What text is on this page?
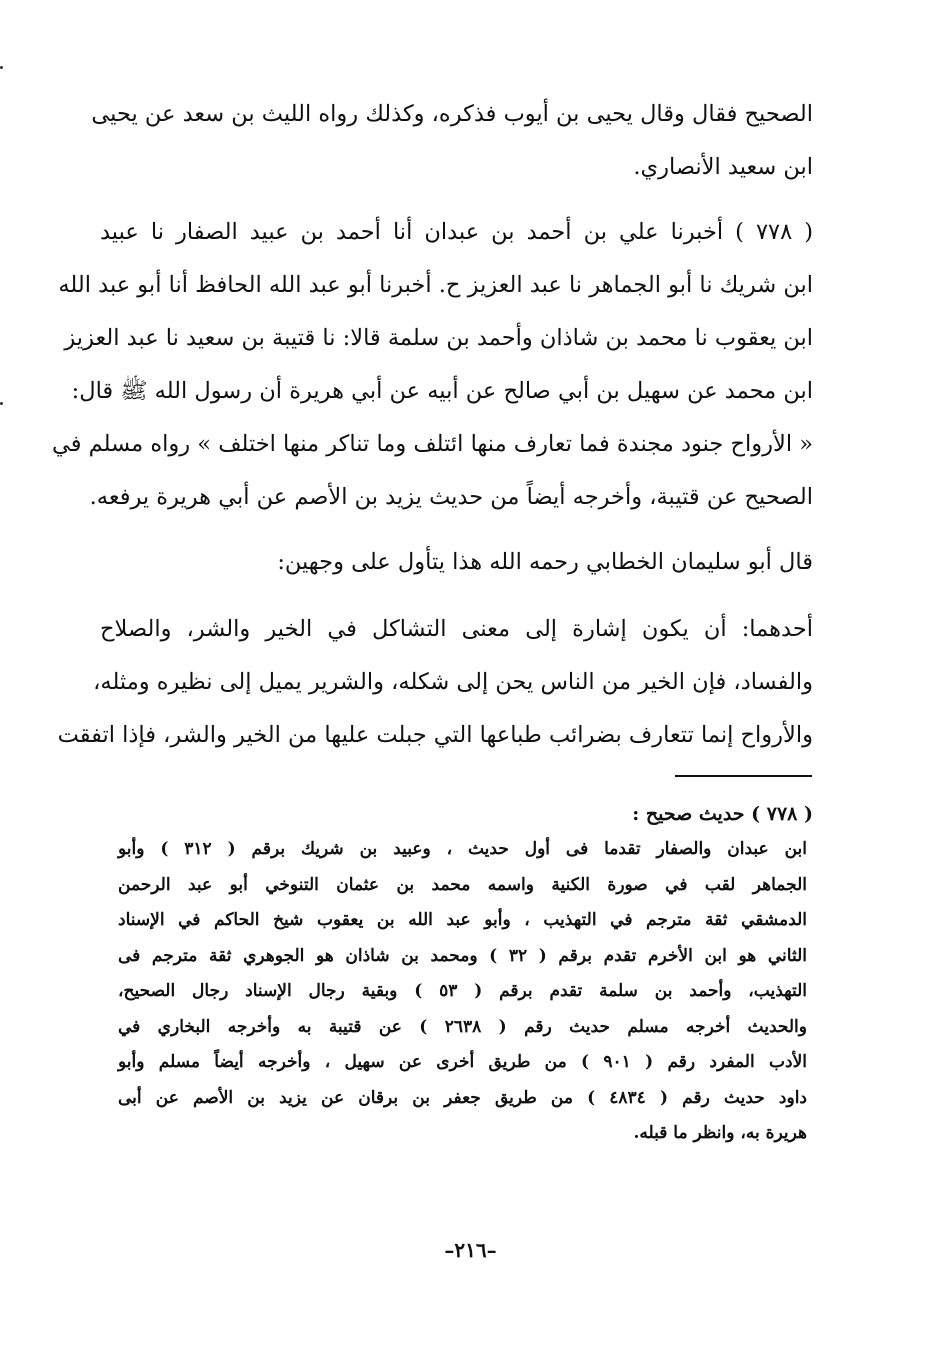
الصحيح فقال وقال يحيى بن أيوب فذكره، وكذلك رواه الليث بن سعد عن يحيى
ابن سعيد الأنصاري.
( ٧٧٨ ) أخبرنا علي بن أحمد بن عبدان أنا أحمد بن عبيد الصفار نا عبيد
ابن شريك نا أبو الجماهر نا عبد العزيز ح. أخبرنا أبو عبد الله الحافظ أنا أبو عبد الله
ابن يعقوب نا محمد بن شاذان وأحمد بن سلمة قالا: نا قتيبة بن سعيد نا عبد العزيز
ابن محمد عن سهيل بن أبي صالح عن أبيه عن أبي هريرة أن رسول الله ﷺ قال:
« الأرواح جنود مجندة فما تعارف منها ائتلف وما تناكر منها اختلف » رواه مسلم في
الصحيح عن قتيبة، وأخرجه أيضاً من حديث يزيد بن الأصم عن أبي هريرة يرفعه.
قال أبو سليمان الخطابي رحمه الله هذا يتأول على وجهين:
أحدهما: أن يكون إشارة إلى معنى التشاكل في الخير والشر، والصلاح
والفساد، فإن الخير من الناس يحن إلى شكله، والشرير يميل إلى نظيره ومثله،
والأرواح إنما تتعارف بضرائب طباعها التي جبلت عليها من الخير والشر، فإذا اتفقت
( ٧٧٨ ) حديث صحيح :
ابن عبدان والصفار تقدما فى أول حديث ، وعبيد بن شريك برقم ( ٣١٢ ) وأبو
الجماهر لقب في صورة الكنية واسمه محمد بن عثمان التنوخي أبو عبد الرحمن
الدمشقي ثقة مترجم في التهذيب ، وأبو عبد الله بن يعقوب شيخ الحاكم في الإسناد
الثاني هو ابن الأخرم تقدم برقم ( ٣٢ ) ومحمد بن شاذان هو الجوهري ثقة مترجم فى
التهذيب، وأحمد بن سلمة تقدم برقم ( ٥٣ ) وبقية رجال الإسناد رجال الصحيح،
والحديث أخرجه مسلم حديث رقم ( ٢٦٣٨ ) عن قتيبة به وأخرجه البخاري في
الأدب المفرد رقم ( ٩٠١ ) من طريق أخرى عن سهيل ، وأخرجه أيضاً مسلم وأبو
داود حديث رقم ( ٤٨٣٤ ) من طريق جعفر بن برقان عن يزيد بن الأصم عن أبى
هريرة به، وانظر ما قبله.
–٢١٦–
